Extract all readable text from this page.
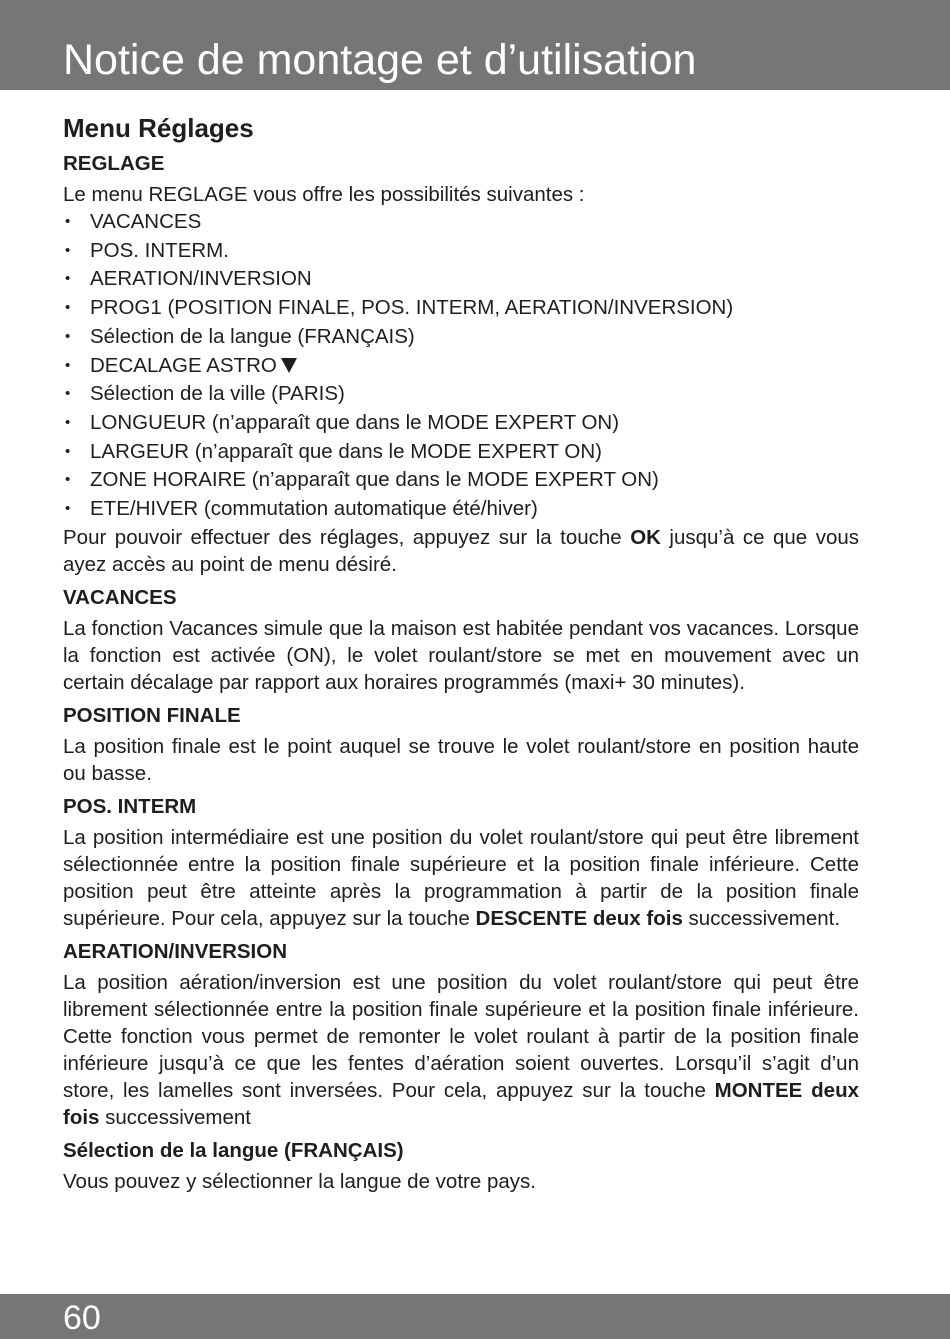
Notice de montage et d’utilisation
Menu Réglages
REGLAGE

Le menu REGLAGE vous offre les possibilités suivantes :

• VACANCES
• POS. INTERM.
• AERATION/INVERSION
• PROG1 (POSITION FINALE, POS. INTERM, AERATION/INVERSION)
• Sélection de la langue (FRANÇAIS)
• DECALAGE ASTRO
• Sélection de la ville (PARIS)
• LONGUEUR (n’apparaît que dans le MODE EXPERT ON)
• LARGEUR (n’apparaît que dans le MODE EXPERT ON)
• ZONE HORAIRE (n’apparaît que dans le MODE EXPERT ON)
• ETE/HIVER (commutation automatique été/hiver)

Pour pouvoir effectuer des réglages, appuyez sur la touche OK jusqu’à ce que vous ayez accès au point de menu désiré.

VACANCES

La fonction Vacances simule que la maison est habitée pendant vos vacances. Lorsque la fonction est activée (ON), le volet roulant/store se met en mouvement avec un certain décalage par rapport aux horaires programmés (maxi+ 30 minutes).

POSITION FINALE

La position finale est le point auquel se trouve le volet roulant/store en position haute ou basse.

POS. INTERM

La position intermédiaire est une position du volet roulant/store qui peut être librement sélectionnée entre la position finale supérieure et la position finale inférieure. Cette position peut être atteinte après la programmation à partir de la position finale supérieure. Pour cela, appuyez sur la touche DESCENTE deux fois successivement.

AERATION/INVERSION

La position aération/inversion est une position du volet roulant/store qui peut être librement sélectionnée entre la position finale supérieure et la position finale inférieure. Cette fonction vous permet de remonter le volet roulant à partir de la position finale inférieure jusqu’à ce que les fentes d’aération soient ouvertes. Lorsqu’il s’agit d’un store, les lamelles sont inversées. Pour cela, appuyez sur la touche MONTEE deux fois successivement

Sélection de la langue (FRANÇAIS)

Vous pouvez y sélectionner la langue de votre pays.

60
